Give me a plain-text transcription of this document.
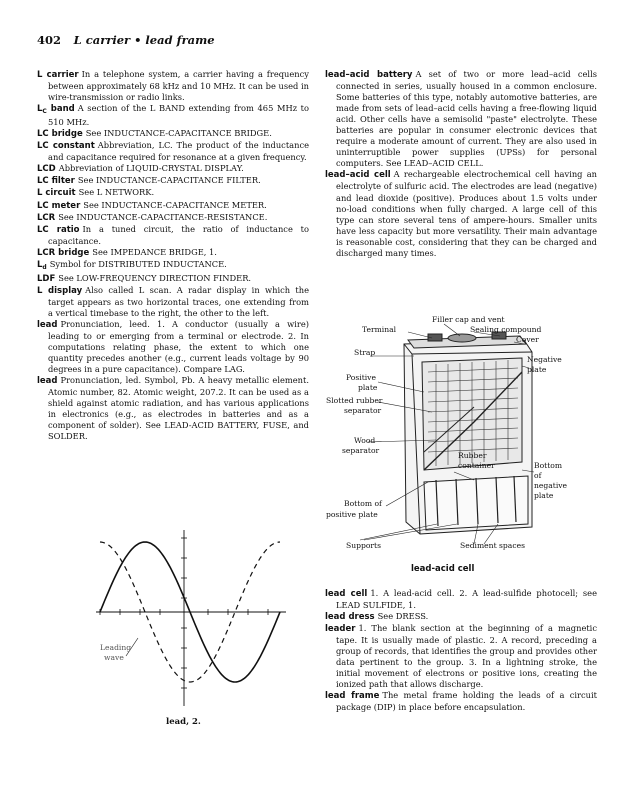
402 L carrier • lead frame

L carrier In a telephone system, a carrier having a frequency between approximately 68 kHz and 10 MHz. It can be used in wire-transmission or radio links.

$L_C$ band A section of the L BAND extending from 465 MHz to 510 MHz.

LC bridge See INDUCTANCE-CAPACITANCE BRIDGE.

LC constant Abbreviation, LC. The product of the inductance and capacitance required for resonance at a given frequency.

LCD Abbreviation of LIQUID-CRYSTAL DISPLAY.

LC filter See INDUCTANCE-CAPACITANCE FILTER.

L circuit See L NETWORK.

LC meter See INDUCTANCE-CAPACITANCE METER.

LCR See INDUCTANCE-CAPACITANCE-RESISTANCE.

LC ratio In a tuned circuit, the ratio of inductance to capacitance.

LCR bridge See IMPEDANCE BRIDGE, 1.

$L_d$ Symbol for DISTRIBUTED INDUCTANCE.

LDF See LOW-FREQUENCY DIRECTION FINDER.

L display Also called L scan. A radar display in which the target appears as two horizontal traces, one extending from a vertical timebase to the right, the other to the left.

lead Pronunciation, leed. 1. A conductor (usually a wire) leading to or emerging from a terminal or electrode. 2. In computations relating phase, the extent to which one quantity precedes another (e.g., current leads voltage by 90 degrees in a pure capacitance). Compare LAG.

lead Pronunciation, led. Symbol, Pb. A heavy metallic element. Atomic number, 82. Atomic weight, 207.2. It can be used as a shield against atomic radiation, and has various applications in electronics (e.g., as electrodes in batteries and as a component of solder). See LEAD-ACID BATTERY, FUSE, and SOLDER.

lead–acid battery A set of two or more lead–acid cells connected in series, usually housed in a common enclosure. Some batteries of this type, notably automotive batteries, are made from sets of lead–acid cells having a free-flowing liquid acid. Other cells have a semisolid "paste" electrolyte. These batteries are popular in consumer electronic devices that require a moderate amount of current. They are also used in uninterruptible power supplies (UPSs) for personal computers. See LEAD–ACID CELL.

lead–acid cell A rechargeable electrochemical cell having an electrolyte of sulfuric acid. The electrodes are lead (negative) and lead dioxide (positive). Produces about 1.5 volts under no-load conditions when fully charged. A large cell of this type can store several tens of ampere-hours. Smaller units have less capacity but more versatility. Their main advantage is reasonable cost, considering that they can be charged and discharged many times.

lead cell 1. A lead-acid cell. 2. A lead-sulfide photocell; see LEAD SULFIDE, 1.

lead dress See DRESS.

leader 1. The blank section at the beginning of a magnetic tape. It is usually made of plastic. 2. A record, preceding a group of records, that identifies the group and provides other data pertinent to the group. 3. In a lightning stroke, the initial movement of electrons or positive ions, creating the ionized path that allows discharge.

lead frame The metal frame holding the leads of a circuit package (DIP) in place before encapsulation.

Filler cap and vent
Terminal	Sealing compound
Cover
Strap
Negative
plate
Positive
plate
Slotted rubber
separator
Wood
separator
Rubber
container	Bottom
of
negative
plate
Bottom of
positive plate
Supports	Sediment spaces
lead-acid cell
Leading
wave
lead, 2.
